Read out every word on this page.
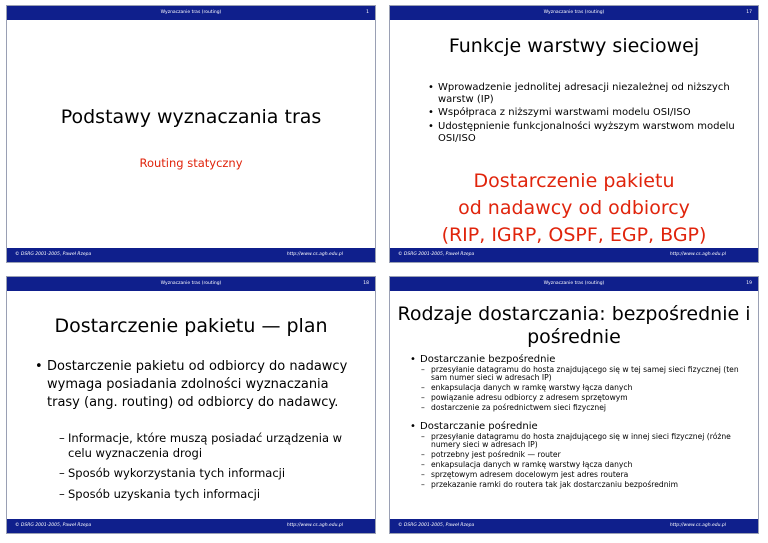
Wyznaczanie tras (routing)	1
Podstawy wyznaczania tras
Routing statyczny
© DSRG 2001-2005, Paweł Rzepa	http://www.cs.agh.edu.pl
Wyznaczanie tras (routing)	17
Funkcje warstwy sieciowej
• Wprowadzenie jednolitej adresacji niezależnej od niższych warstw (IP)
• Współpraca z niższymi warstwami modelu OSI/ISO
• Udostępnienie funkcjonalności wyższym warstwom modelu OSI/ISO
Dostarczenie pakietu
od nadawcy od odbiorcy
(RIP, IGRP, OSPF, EGP, BGP)
© DSRG 2001-2005, Paweł Rzepa	http://www.cs.agh.edu.pl
Wyznaczanie tras (routing)	18
Dostarczenie pakietu — plan
• Dostarczenie pakietu od odbiorcy do nadawcy wymaga posiadania zdolności wyznaczania trasy (ang. routing) od odbiorcy do nadawcy.
– Informacje, które muszą posiadać urządzenia w celu wyznaczenia drogi
– Sposób wykorzystania tych informacji
– Sposób uzyskania tych informacji
© DSRG 2001-2005, Paweł Rzepa	http://www.cs.agh.edu.pl
Wyznaczanie tras (routing)	19
Rodzaje dostarczania: bezpośrednie i
pośrednie
• Dostarczanie bezpośrednie
– przesyłanie datagramu do hosta znajdującego się w tej samej sieci fizycznej (ten sam numer sieci w adresach IP)
– enkapsulacja danych w ramkę warstwy łącza danych
– powiązanie adresu odbiorcy z adresem sprzętowym
– dostarczenie za pośrednictwem sieci fizycznej
• Dostarczanie pośrednie
– przesyłanie datagramu do hosta znajdującego się w innej sieci fizycznej (różne numery sieci w adresach IP)
– potrzebny jest pośrednik — router
– enkapsulacja danych w ramkę warstwy łącza danych
– sprzętowym adresem docelowym jest adres routera
– przekazanie ramki do routera tak jak dostarczaniu bezpośrednim
© DSRG 2001-2005, Paweł Rzepa	http://www.cs.agh.edu.pl
